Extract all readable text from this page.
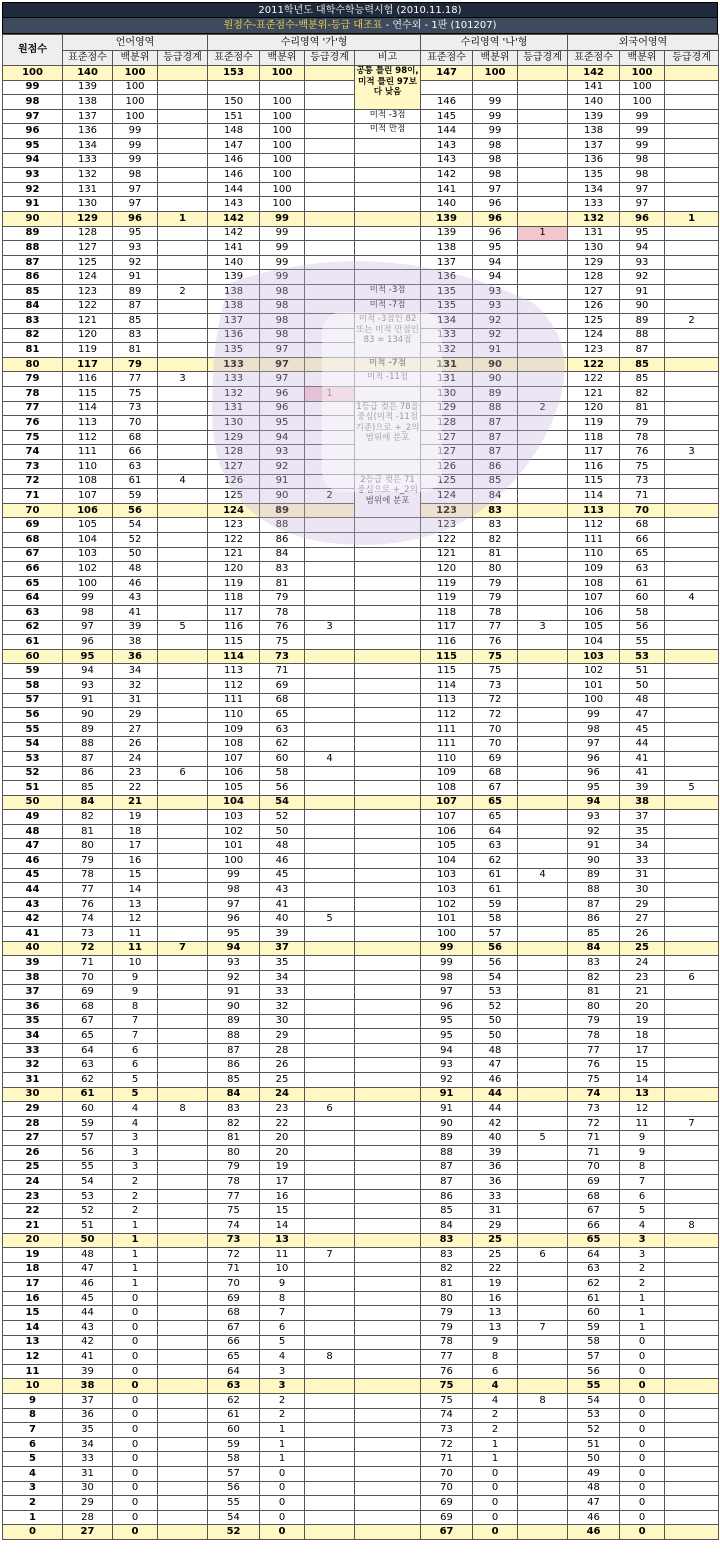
2011학년도 대학수학능력시험 (2010.11.18)
원점수-표준점수-백분위-등급 대조표 - 연수외 - 1판 (101207)
원점수	언어영역			수리영역 '가'형				수리영역 '나'형			외국어영역		
	표준점수	백분위	등급경계	표준점수	백분위	등급경계	비고	표준점수	백분위	등급경계	표준점수	백분위	등급경계
100	140	100		153	100		공통 틀린 98이, 미적 틀린 97보다 낮음	147	100		142	100	
99	139	100									141	100	
98	138	100		150	100			146	99		140	100	
97	137	100		151	100		미적 -3점	145	99		139	99	
96	136	99		148	100		미적 만점	144	99		138	99	
95	134	99		147	100			143	98		137	99	
94	133	99		146	100			143	98		136	98	
93	132	98		146	100			142	98		135	98	
92	131	97		144	100			141	97		134	97	
91	130	97		143	100			140	96		133	97	
90	129	96	1	142	99			139	96		132	96	1
89	128	95		142	99			139	96	1	131	95	
88	127	93		141	99			138	95		130	94	
87	125	92		140	99			137	94		129	93	
86	124	91		139	99			136	94		128	92	
85	123	89	2	138	98		미적 -3점	135	93		127	91	
84	122	87		138	98		미적 -7점	135	93		126	90	
83	121	85		137	98		미적 -3점인 82 또는 미적 만점인 83 = 134점	134	92		125	89	2
82	120	83		136	98			133	92		124	88	
81	119	81		135	97			132	91		123	87	
80	117	79		133	97		미적 -7점	131	90		122	85	
79	116	77	3	133	97		미적 -11점	131	90		122	85	
78	115	75		132	96	1		130	89		121	82	
77	114	73		131	96		1등급 컷은 78을 중심(미적 -11점 기준)으로 +_2의 범위에 분포	129	88	2	120	81	
76	113	70		130	95			128	87		119	79	
75	112	68		129	94			127	87		118	78	
74	111	66		128	93			127	87		117	76	3
73	110	63		127	92			126	86		116	75	
72	108	61	4	126	91		2등급 컷은 71 중심으로 +_2의 범위에 분포	125	85		115	73	
71	107	59		125	90	2		124	84		114	71	
70	106	56		124	89			123	83		113	70	
69	105	54		123	88			123	83		112	68	
68	104	52		122	86			122	82		111	66	
67	103	50		121	84			121	81		110	65	
66	102	48		120	83			120	80		109	63	
65	100	46		119	81			119	79		108	61	
64	99	43		118	79			119	79		107	60	4
63	98	41		117	78			118	78		106	58	
62	97	39	5	116	76	3		117	77	3	105	56	
61	96	38		115	75			116	76		104	55	
60	95	36		114	73			115	75		103	53	
59	94	34		113	71			115	75		102	51	
58	93	32		112	69			114	73		101	50	
57	91	31		111	68			113	72		100	48	
56	90	29		110	65			112	72		99	47	
55	89	27		109	63			111	70		98	45	
54	88	26		108	62			111	70		97	44	
53	87	24		107	60	4		110	69		96	41	
52	86	23	6	106	58			109	68		96	41	
51	85	22		105	56			108	67		95	39	5
50	84	21		104	54			107	65		94	38	
49	82	19		103	52			107	65		93	37	
48	81	18		102	50			106	64		92	35	
47	80	17		101	48			105	63		91	34	
46	79	16		100	46			104	62		90	33	
45	78	15		99	45			103	61	4	89	31	
44	77	14		98	43			103	61		88	30	
43	76	13		97	41			102	59		87	29	
42	74	12		96	40	5		101	58		86	27	
41	73	11		95	39			100	57		85	26	
40	72	11	7	94	37			99	56		84	25	
39	71	10		93	35			99	56		83	24	
38	70	9		92	34			98	54		82	23	6
37	69	9		91	33			97	53		81	21	
36	68	8		90	32			96	52		80	20	
35	67	7		89	30			95	50		79	19	
34	65	7		88	29			95	50		78	18	
33	64	6		87	28			94	48		77	17	
32	63	6		86	26			93	47		76	15	
31	62	5		85	25			92	46		75	14	
30	61	5		84	24			91	44		74	13	
29	60	4	8	83	23	6		91	44		73	12	
28	59	4		82	22			90	42		72	11	7
27	57	3		81	20			89	40	5	71	9	
26	56	3		80	20			88	39		71	9	
25	55	3		79	19			87	36		70	8	
24	54	2		78	17			87	36		69	7	
23	53	2		77	16			86	33		68	6	
22	52	2		75	15			85	31		67	5	
21	51	1		74	14			84	29		66	4	8
20	50	1		73	13			83	25		65	3	
19	48	1		72	11	7		83	25	6	64	3	
18	47	1		71	10			82	22		63	2	
17	46	1		70	9			81	19		62	2	
16	45	0		69	8			80	16		61	1	
15	44	0		68	7			79	13		60	1	
14	43	0		67	6			79	13	7	59	1	
13	42	0		66	5			78	9		58	0	
12	41	0		65	4	8		77	8		57	0	
11	39	0		64	3			76	6		56	0	
10	38	0		63	3			75	4		55	0	
9	37	0		62	2			75	4	8	54	0	
8	36	0		61	2			74	2		53	0	
7	35	0		60	1			73	2		52	0	
6	34	0		59	1			72	1		51	0	
5	33	0		58	1			71	1		50	0	
4	31	0		57	0			70	0		49	0	
3	30	0		56	0			70	0		48	0	
2	29	0		55	0			69	0		47	0	
1	28	0		54	0			69	0		46	0	
0	27	0		52	0			67	0		46	0	
